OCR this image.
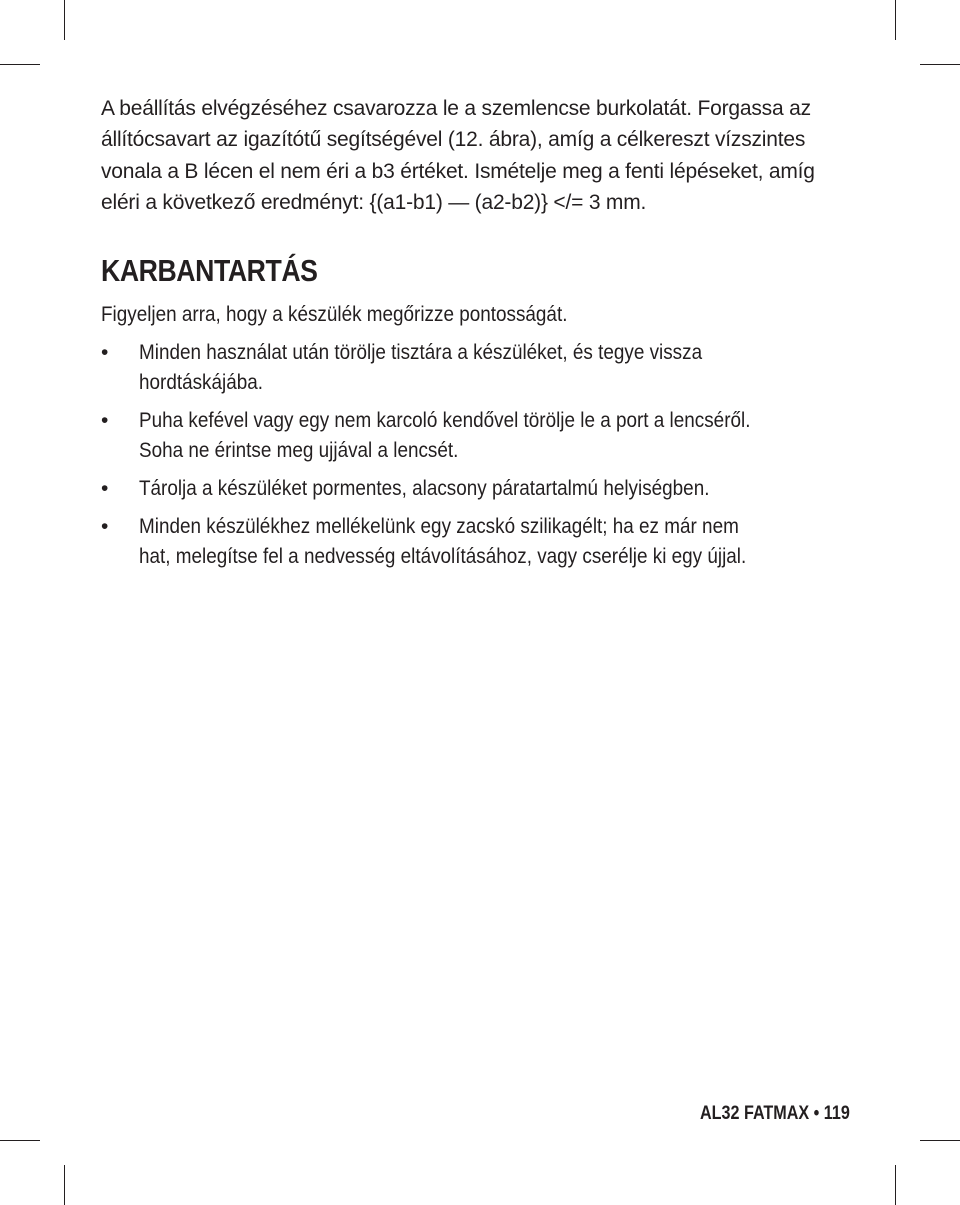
A beállítás elvégzéséhez csavarozza le a szemlencse burkolatát. Forgassa az
állítócsavart az igazítótű segítségével (12. ábra), amíg a célkereszt vízszintes
vonala a B lécen el nem éri a b3 értéket. Ismételje meg a fenti lépéseket, amíg
eléri a következő eredményt: {(a1-b1) — (a2-b2)} </= 3 mm.

KARBANTARTÁS

Figyeljen arra, hogy a készülék megőrizze pontosságát.

• Minden használat után törölje tisztára a készüléket, és tegye vissza
hordtáskájába.
• Puha kefével vagy egy nem karcoló kendővel törölje le a port a lencséről.
Soha ne érintse meg ujjával a lencsét.
• Tárolja a készüléket pormentes, alacsony páratartalmú helyiségben.
• Minden készülékhez mellékelünk egy zacskó szilikagélt; ha ez már nem
hat, melegítse fel a nedvesség eltávolításához, vagy cserélje ki egy újjal.

AL32 FATMAX • 119
